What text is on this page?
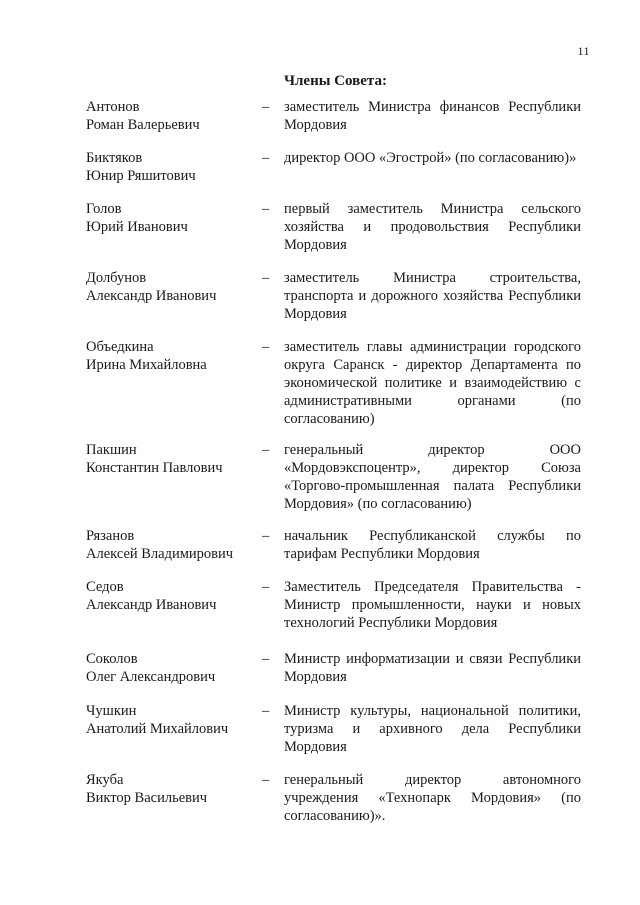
11
Члены Совета:
Антонов
Роман Валерьевич
– заместитель Министра финансов Республики Мордовия
Биктяков
Юнир Ряшитович
– директор ООО «Эгострой» (по согласованию)»
Голов
Юрий Иванович
– первый заместитель Министра сельского хозяйства и продовольствия Республики Мордовия
Долбунов
Александр Иванович
– заместитель Министра строительства, транспорта и дорожного хозяйства Республики Мордовия
Объедкина
Ирина Михайловна
– заместитель главы администрации городского округа Саранск - директор Департамента по экономической политике и взаимодействию с административными органами (по согласованию)
Пакшин
Константин Павлович
– генеральный директор ООО «Мордовэкспоцентр», директор Союза «Торгово-промышленная палата Республики Мордовия» (по согласованию)
Рязанов
Алексей Владимирович
– начальник Республиканской службы по тарифам Республики Мордовия
Седов
Александр Иванович
– Заместитель Председателя Правительства - Министр промышленности, науки и новых технологий Республики Мордовия
Соколов
Олег Александрович
– Министр информатизации и связи Республики Мордовия
Чушкин
Анатолий Михайлович
– Министр культуры, национальной политики, туризма и архивного дела Республики Мордовия
Якуба
Виктор Васильевич
– генеральный директор автономного учреждения «Технопарк Мордовия» (по согласованию)».
